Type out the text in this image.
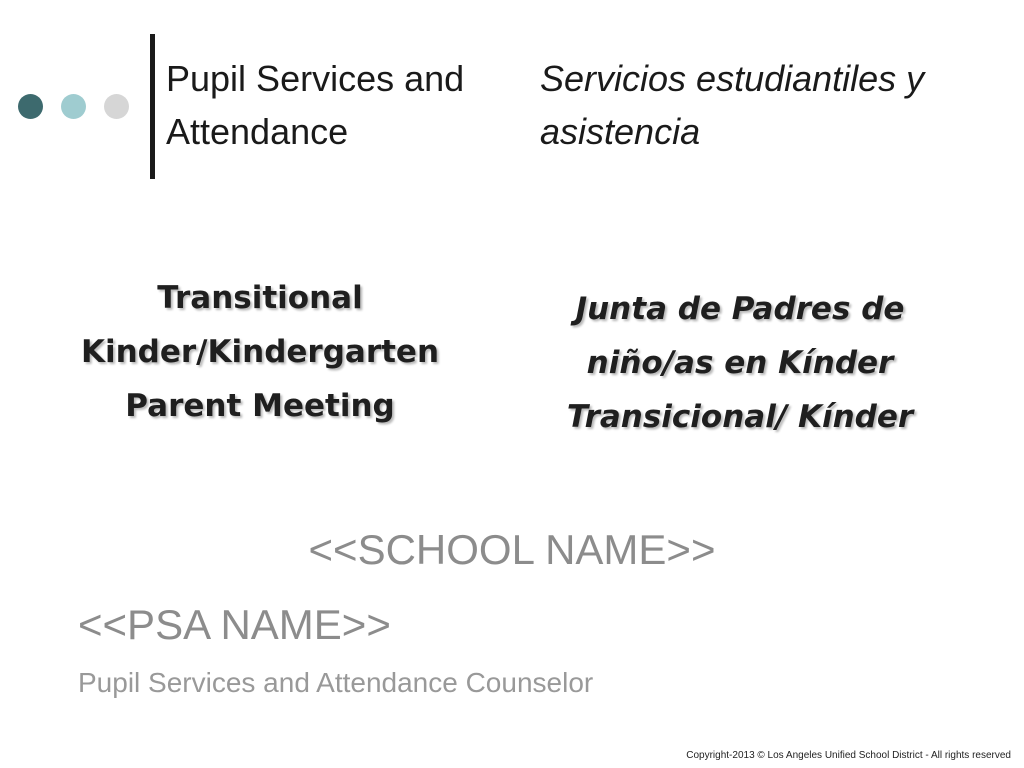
Pupil Services and
Attendance
Servicios estudiantiles y
asistencia
Transitional
Kinder/Kindergarten
Parent Meeting
Junta de Padres de
niño/as en Kínder
Transicional/ Kínder
<<SCHOOL NAME>>
<<PSA NAME>>
Pupil Services and Attendance Counselor
Copyright-2013 © Los Angeles Unified School District - All rights reserved
